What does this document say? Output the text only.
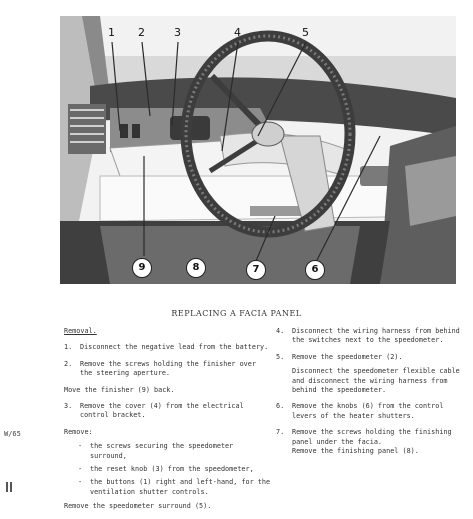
1 2	3	4	5
9	8	7	6
REPLACING A FACIA PANEL
Removal.
1.	Disconnect the negative lead from the battery.
2.	Remove the screws holding the finisher over the steering aperture.
Move the finisher (9) back.
3.	Remove the cover (4) from the electrical control bracket.
Remove:
-	the screws securing the speedometer surround,
-	the reset knob (3) from the speedometer,
-	the buttons (1) right and left-hand, for the ventilation shutter controls.
Remove the speedometer surround (5).
4.	Disconnect the wiring harness from behind the switches next to the speedometer.
5.	Remove the speedometer (2).
Disconnect the speedometer flexible cable and disconnect the wiring harness from behind the speedometer.
6.	Remove the knobs (6) from the control levers of the heater shutters.
7.	Remove the screws holding the finishing panel under the facia.
Remove the finishing panel (8).
W/65
